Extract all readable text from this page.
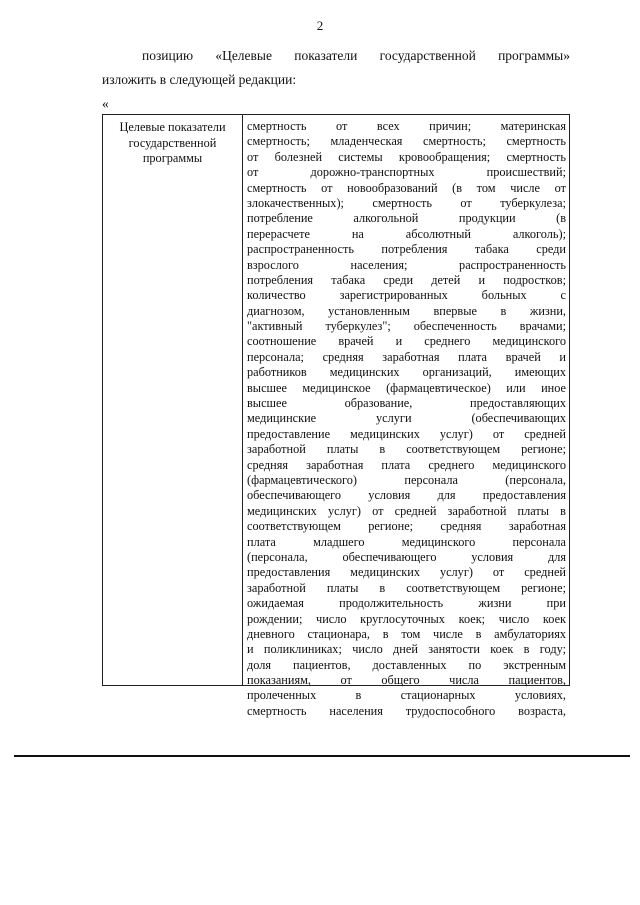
2
позицию «Целевые показатели государственной программы»
изложить в следующей редакции:
«
Целевые показатели государственной программы
смертность от всех причин; материнская
смертность; младенческая смертность; смертность
от болезней системы кровообращения; смертность
от дорожно-транспортных происшествий;
смертность от новообразований (в том числе от
злокачественных); смертность от туберкулеза;
потребление алкогольной продукции (в
перерасчете на абсолютный алкоголь);
распространенность потребления табака среди
взрослого населения; распространенность
потребления табака среди детей и подростков;
количество зарегистрированных больных с
диагнозом, установленным впервые в жизни,
"активный туберкулез"; обеспеченность врачами;
соотношение врачей и среднего медицинского
персонала; средняя заработная плата врачей и
работников медицинских организаций, имеющих
высшее медицинское (фармацевтическое) или иное
высшее образование, предоставляющих
медицинские услуги (обеспечивающих
предоставление медицинских услуг) от средней
заработной платы в соответствующем регионе;
средняя заработная плата среднего медицинского
(фармацевтического) персонала (персонала,
обеспечивающего условия для предоставления
медицинских услуг) от средней заработной платы в
соответствующем регионе; средняя заработная
плата младшего медицинского персонала
(персонала, обеспечивающего условия для
предоставления медицинских услуг) от средней
заработной платы в соответствующем регионе;
ожидаемая продолжительность жизни при
рождении; число круглосуточных коек; число коек
дневного стационара, в том числе в амбулаториях
и поликлиниках; число дней занятости коек в году;
доля пациентов, доставленных по экстренным
показаниям, от общего числа пациентов,
пролеченных в стационарных условиях,
смертность населения трудоспособного возраста,
